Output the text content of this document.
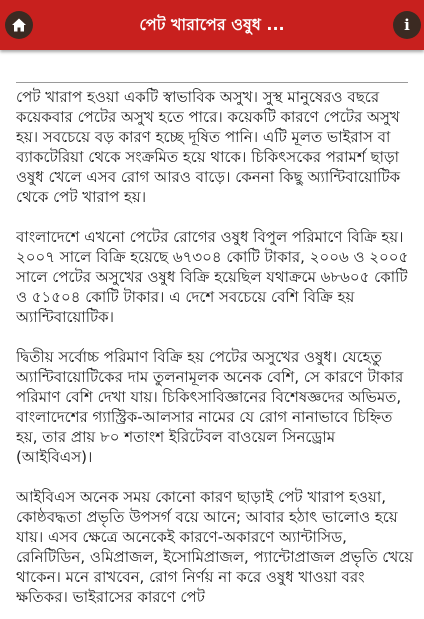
পেট খারাপের ওষুধ ...	i

পেট খারাপ হওয়া একটি স্বাভাবিক অসুখ। সুস্থ মানুষেরও বছরে কয়েকবার পেটের অসুখ হতে পারে। কয়েকটি কারণে পেটের অসুখ হয়। সবচেয়ে বড় কারণ হচ্ছে দূষিত পানি। এটি মূলত ভাইরাস বা ব্যাকটেরিয়া থেকে সংক্রমিত হয়ে থাকে। চিকিৎসকের পরামর্শ ছাড়া ওষুধ খেলে এসব রোগ আরও বাড়ে। কেননা কিছু অ্যান্টিবায়োটিক থেকে পেট খারাপ হয়।

বাংলাদেশে এখনো পেটের রোগের ওষুধ বিপুল পরিমাণে বিক্রি হয়। ২০০৭ সালে বিক্রি হয়েছে ৬৭৩০৪ কোটি টাকার, ২০০৬ ও ২০০৫ সালে পেটের অসুখের ওষুধ বিক্রি হয়েছিল যথাক্রমে ৬৮৬০৫ কোটি ও ৫১৫০৪ কোটি টাকার। এ দেশে সবচেয়ে বেশি বিক্রি হয় অ্যান্টিবায়োটিক।

দ্বিতীয় সর্বোচ্চ পরিমাণ বিক্রি হয় পেটের অসুখের ওষুধ। যেহেতু অ্যান্টিবায়োটিকের দাম তুলনামূলক অনেক বেশি, সে কারণে টাকার পরিমাণ বেশি দেখা যায়। চিকিৎসাবিজ্ঞানের বিশেষজ্ঞদের অভিমত, বাংলাদেশের গ্যাস্ট্রিক-আলসার নামের যে রোগ নানাভাবে চিহ্নিত হয়, তার প্রায় ৮০ শতাংশ ইরিটেবল বাওয়েল সিনড্রোম (আইবিএস)।

আইবিএস অনেক সময় কোনো কারণ ছাড়াই পেট খারাপ হওয়া, কোষ্ঠবদ্ধতা প্রভৃতি উপসর্গ বয়ে আনে; আবার হঠাৎ ভালোও হয়ে যায়। এসব ক্ষেত্রে অনেকেই কারণে-অকারণে অ্যান্টাসিড, রেনিটিডিন, ওমিপ্রাজল, ইসোমিপ্রাজল, প্যান্টোপ্রাজল প্রভৃতি খেয়ে থাকেন। মনে রাখবেন, রোগ নির্ণয় না করে ওষুধ খাওয়া বরং ক্ষতিকর। ভাইরাসের কারণে পেট
